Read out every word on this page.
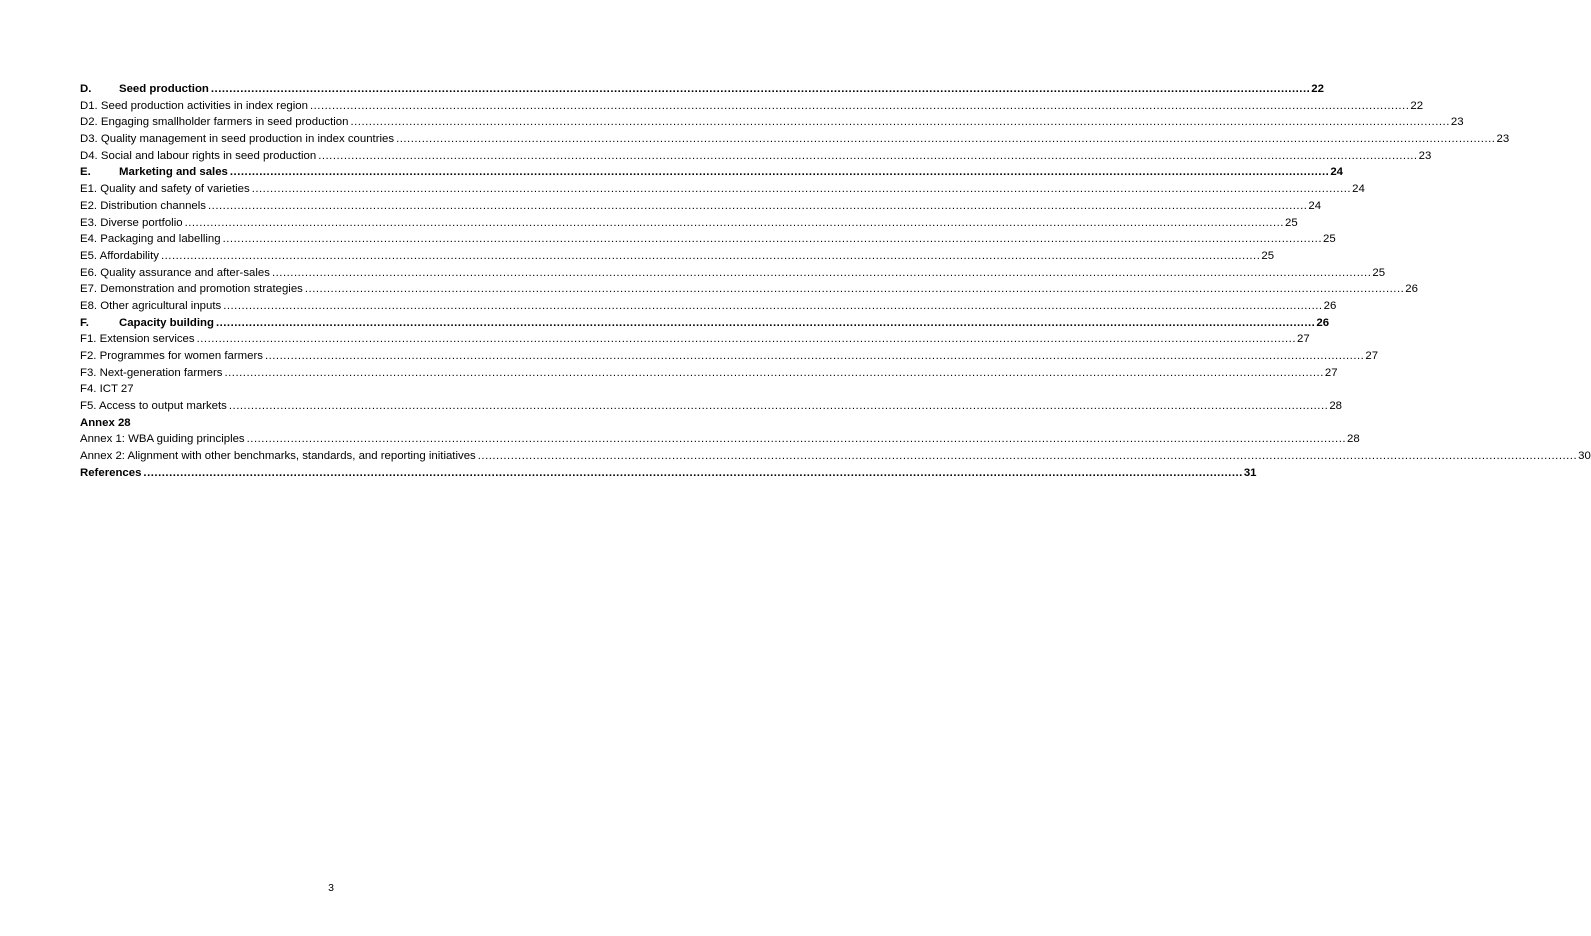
D. Seed production ............................................................................................................................................................................................................................................................................................................ 22
D1. Seed production activities in index region ............................................................................................................................................................................................................................................................................................................ 22
D2. Engaging smallholder farmers in seed production ............................................................................................................................................................................................................................................................................................................ 23
D3. Quality management in seed production in index countries ............................................................................................................................................................................................................................................................................................................ 23
D4. Social and labour rights in seed production ............................................................................................................................................................................................................................................................................................................ 23
E. Marketing and sales ............................................................................................................................................................................................................................................................................................................ 24
E1. Quality and safety of varieties ............................................................................................................................................................................................................................................................................................................ 24
E2. Distribution channels ............................................................................................................................................................................................................................................................................................................ 24
E3. Diverse portfolio ............................................................................................................................................................................................................................................................................................................ 25
E4. Packaging and labelling ............................................................................................................................................................................................................................................................................................................ 25
E5. Affordability ............................................................................................................................................................................................................................................................................................................ 25
E6. Quality assurance and after-sales ............................................................................................................................................................................................................................................................................................................ 25
E7. Demonstration and promotion strategies ............................................................................................................................................................................................................................................................................................................ 26
E8. Other agricultural inputs ............................................................................................................................................................................................................................................................................................................ 26
F.	Capacity building ............................................................................................................................................................................................................................................................................................................ 26
F1. Extension services ............................................................................................................................................................................................................................................................................................................ 27
F2. Programmes for women farmers ............................................................................................................................................................................................................................................................................................................ 27
F3. Next-generation farmers ............................................................................................................................................................................................................................................................................................................ 27
F4. ICT 27
F5. Access to output markets ............................................................................................................................................................................................................................................................................................................ 28
Annex 28
Annex 1: WBA guiding principles ............................................................................................................................................................................................................................................................................................................ 28
Annex 2: Alignment with other benchmarks, standards, and reporting initiatives ............................................................................................................................................................................................................................................................................................................ 30
References ............................................................................................................................................................................................................................................................................................................ 31
3
